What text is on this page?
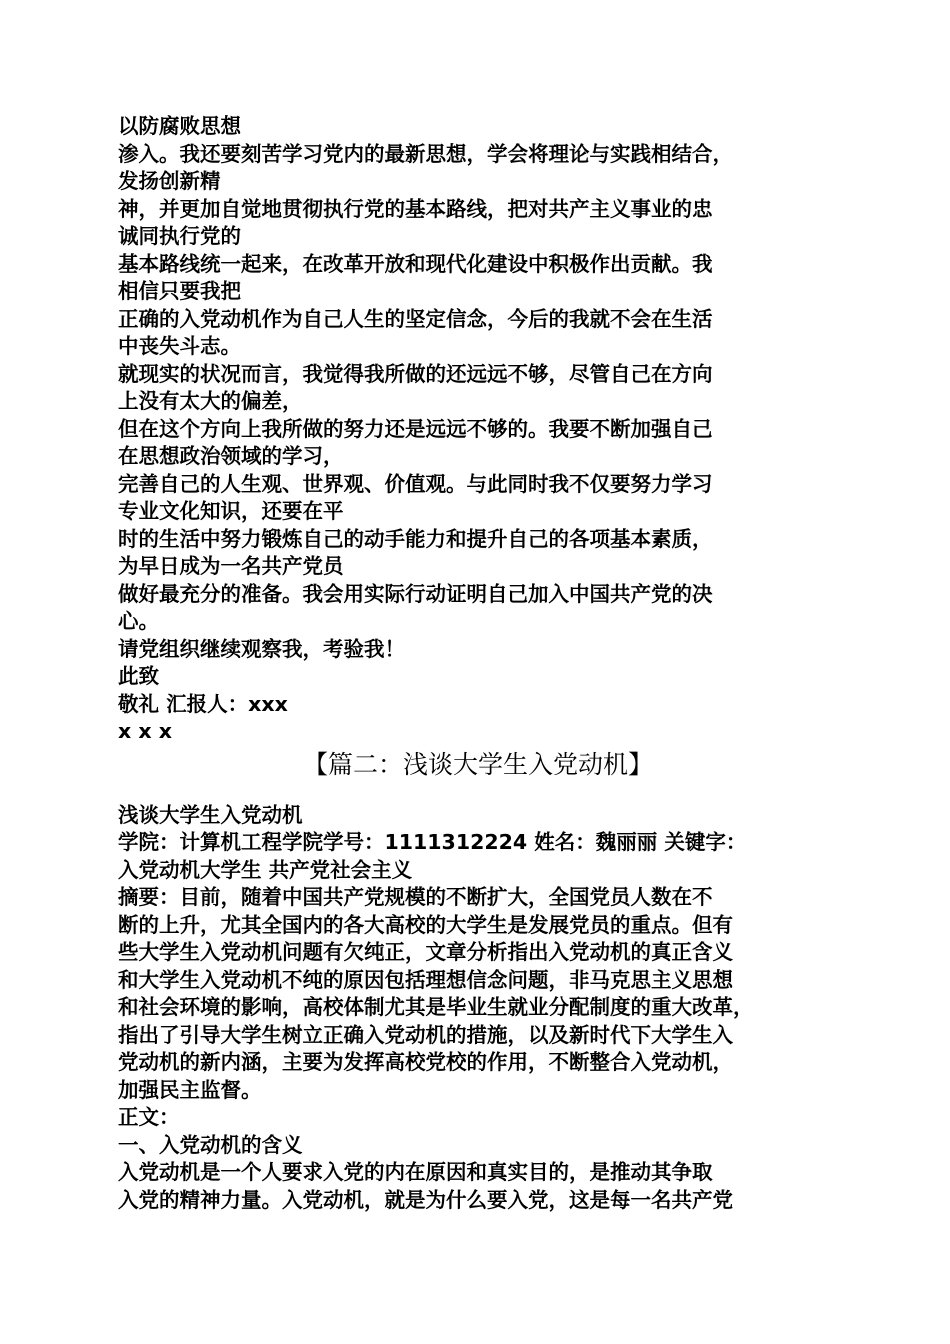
以防腐败思想

渗入。我还要刻苦学习党内的最新思想，学会将理论与实践相结合，

发扬创新精

神，并更加自觉地贯彻执行党的基本路线，把对共产主义事业的忠

诚同执行党的

基本路线统一起来，在改革开放和现代化建设中积极作出贡献。我

相信只要我把

正确的入党动机作为自己人生的坚定信念，今后的我就不会在生活

中丧失斗志。

就现实的状况而言，我觉得我所做的还远远不够，尽管自己在方向

上没有太大的偏差，

但在这个方向上我所做的努力还是远远不够的。我要不断加强自己

在思想政治领域的学习，

完善自己的人生观、世界观、价值观。与此同时我不仅要努力学习

专业文化知识，还要在平

时的生活中努力锻炼自己的动手能力和提升自己的各项基本素质，

为早日成为一名共产党员

做好最充分的准备。我会用实际行动证明自己加入中国共产党的决

心。

请党组织继续观察我，考验我！

此致

敬礼 汇报人：xxx

x x x

【篇二：浅谈大学生入党动机】

浅谈大学生入党动机

学院：计算机工程学院学号：1111312224 姓名：魏丽丽 关键字：

入党动机大学生 共产党社会主义

摘要：目前，随着中国共产党规模的不断扩大，全国党员人数在不

断的上升，尤其全国内的各大高校的大学生是发展党员的重点。但有

些大学生入党动机问题有欠纯正，文章分析指出入党动机的真正含义

和大学生入党动机不纯的原因包括理想信念问题，非马克思主义思想

和社会环境的影响，高校体制尤其是毕业生就业分配制度的重大改革，

指出了引导大学生树立正确入党动机的措施，以及新时代下大学生入

党动机的新内涵，主要为发挥高校党校的作用，不断整合入党动机，

加强民主监督。

正文：

一、入党动机的含义

入党动机是一个人要求入党的内在原因和真实目的，是推动其争取

入党的精神力量。入党动机，就是为什么要入党，这是每一名共产党
